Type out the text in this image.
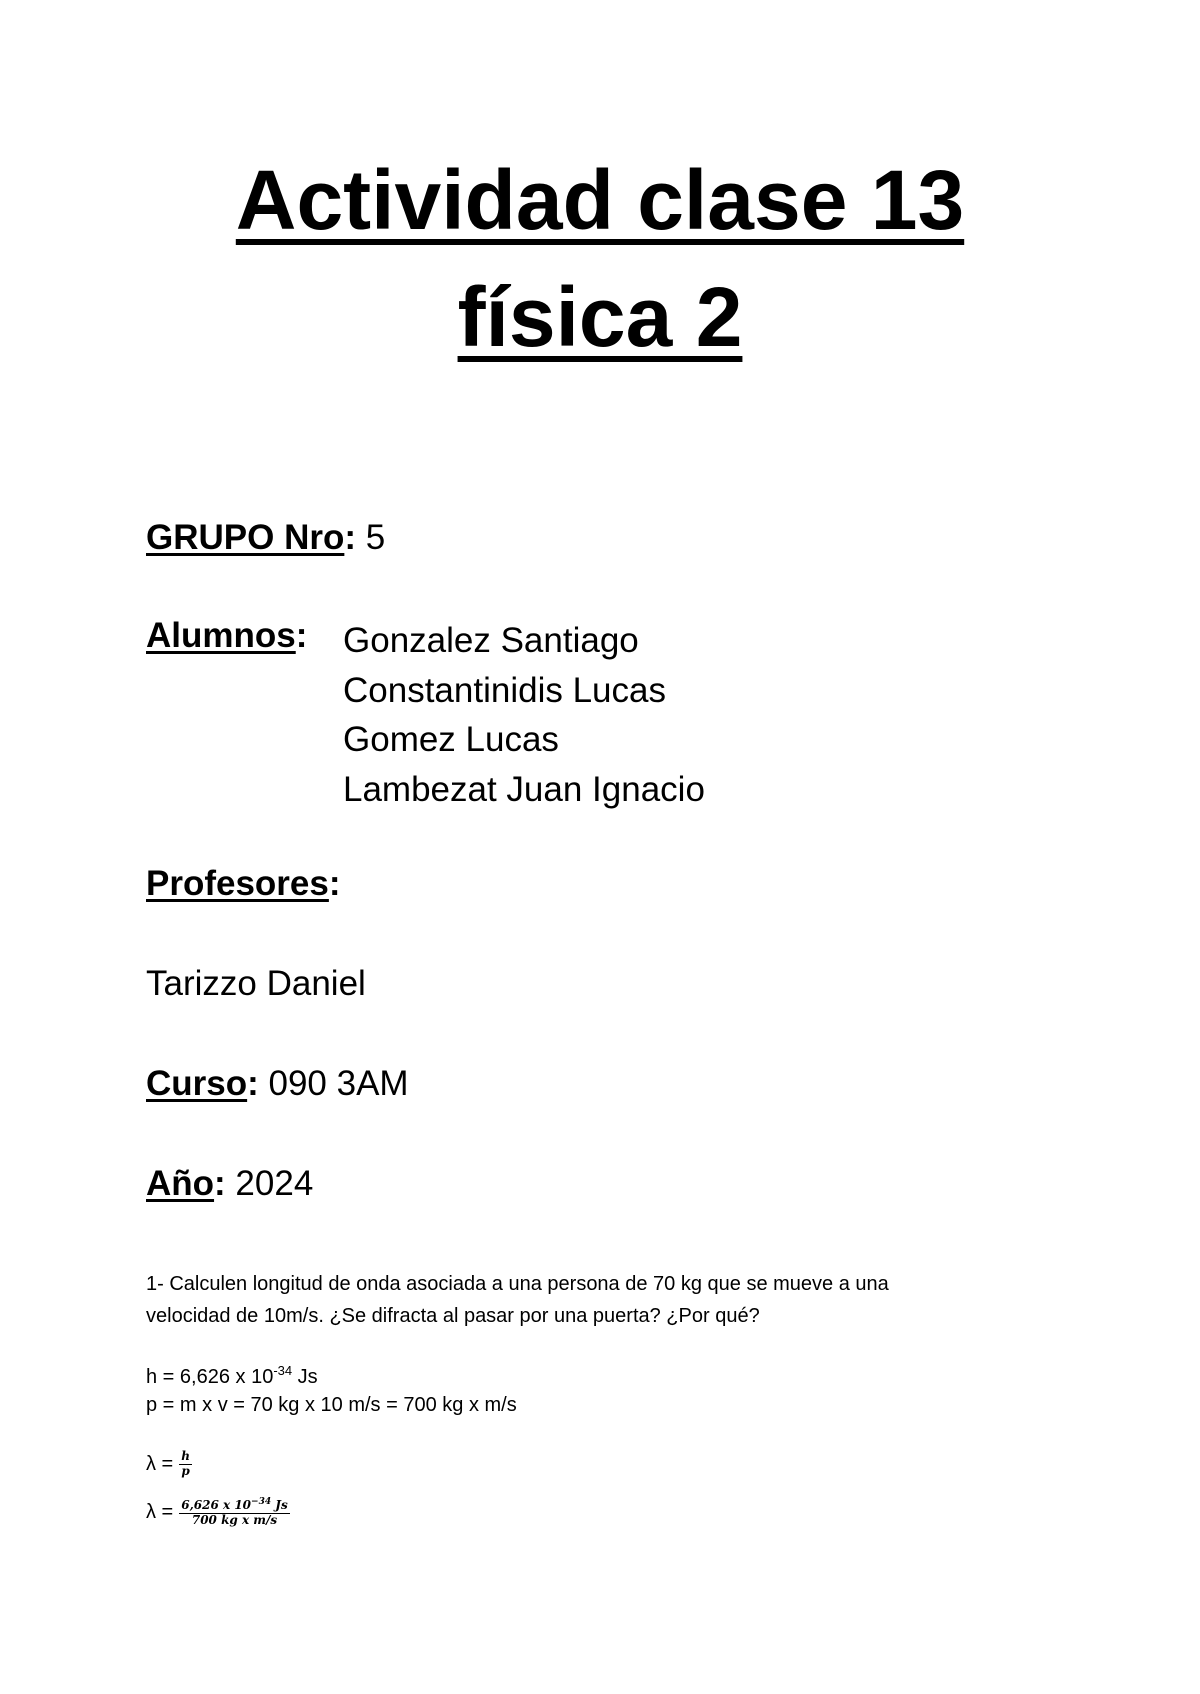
Actividad clase 13
física 2
GRUPO Nro: 5
Alumnos: Gonzalez Santiago
Constantinidis Lucas
Gomez Lucas
Lambezat Juan Ignacio
Profesores:
Tarizzo Daniel
Curso: 090 3AM
Año: 2024
1- Calculen longitud de onda asociada a una persona de 70 kg que se mueve a una
velocidad de 10m/s. ¿Se difracta al pasar por una puerta? ¿Por qué?
h = 6,626 x $10^{-34}$ Js
p = m x v = 70 kg x 10 m/s = 700 kg x m/s
$\lambda = \frac{h}{p}$
$\lambda = \frac{6,626 x 10^{-34} Js}{\text{700 kg x m/s}}$
